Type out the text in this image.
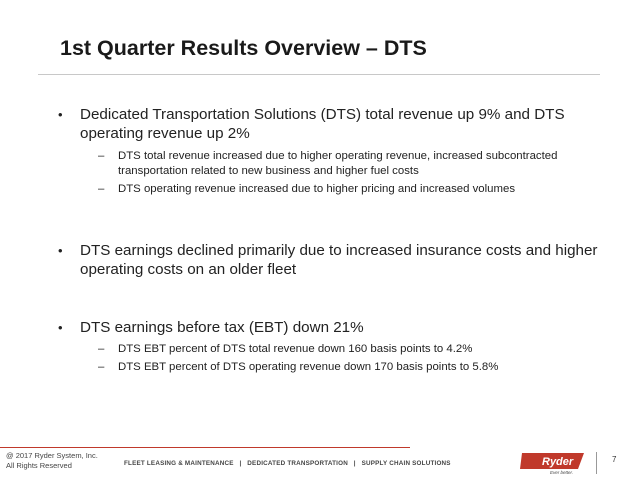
1st Quarter Results Overview – DTS
• Dedicated Transportation Solutions (DTS) total revenue up 9% and DTS operating revenue up 2%
– DTS total revenue increased due to higher operating revenue, increased subcontracted transportation related to new business and higher fuel costs
– DTS operating revenue increased due to higher pricing and increased volumes
• DTS earnings declined primarily due to increased insurance costs and higher operating costs on an older fleet
• DTS earnings before tax (EBT) down 21%
– DTS EBT percent of DTS total revenue down 160 basis points to 4.2%
– DTS EBT percent of DTS operating revenue down 170 basis points to 5.8%
@ 2017 Ryder System, Inc.
All Rights Reserved	FLEET LEASING & MAINTENANCE   |   DEDICATED TRANSPORTATION   |   SUPPLY CHAIN SOLUTIONS	Ryder
Ever better.
7
